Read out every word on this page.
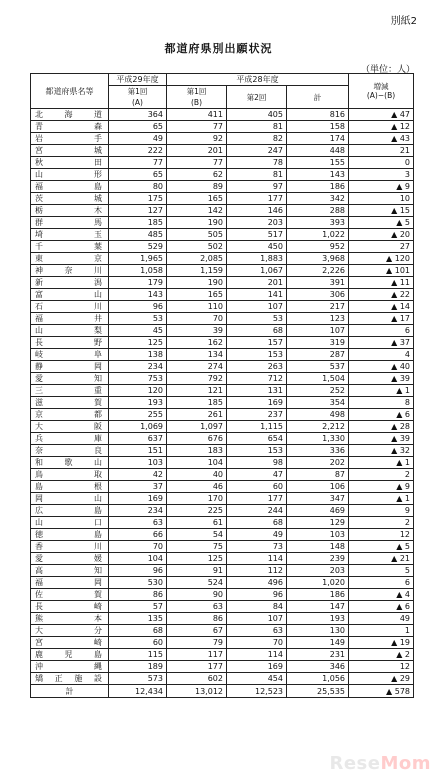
別紙2
都道府県別出願状況
（単位：人）
都道府県名等	平成29年度	平成28年度			増減
(A)−(B)

	第1回	第1回	第2回	計	
	(A)	(B)			
北海道	364	411	405	816	▲ 47
青森	65	77	81	158	▲ 12
岩手	49	92	82	174	▲ 43
宮城	222	201	247	448	21
秋田	77	77	78	155	0
山形	65	62	81	143	3
福島	80	89	97	186	▲ 9
茨城	175	165	177	342	10
栃木	127	142	146	288	▲ 15
群馬	185	190	203	393	▲ 5
埼玉	485	505	517	1,022	▲ 20
千葉	529	502	450	952	27
東京	1,965	2,085	1,883	3,968	▲ 120
神奈川	1,058	1,159	1,067	2,226	▲ 101
新潟	179	190	201	391	▲ 11
富山	143	165	141	306	▲ 22
石川	96	110	107	217	▲ 14
福井	53	70	53	123	▲ 17
山梨	45	39	68	107	6
長野	125	162	157	319	▲ 37
岐阜	138	134	153	287	4
静岡	234	274	263	537	▲ 40
愛知	753	792	712	1,504	▲ 39
三重	120	121	131	252	▲ 1
滋賀	193	185	169	354	8
京都	255	261	237	498	▲ 6
大阪	1,069	1,097	1,115	2,212	▲ 28
兵庫	637	676	654	1,330	▲ 39
奈良	151	183	153	336	▲ 32
和歌山	103	104	98	202	▲ 1
鳥取	42	40	47	87	2
島根	37	46	60	106	▲ 9
岡山	169	170	177	347	▲ 1
広島	234	225	244	469	9
山口	63	61	68	129	2
徳島	66	54	49	103	12
香川	70	75	73	148	▲ 5
愛媛	104	125	114	239	▲ 21
高知	96	91	112	203	5
福岡	530	524	496	1,020	6
佐賀	86	90	96	186	▲ 4
長崎	57	63	84	147	▲ 6
熊本	135	86	107	193	49
大分	68	67	63	130	1
宮崎	60	79	70	149	▲ 19
鹿児島	115	117	114	231	▲ 2
沖縄	189	177	169	346	12
矯正施設	573	602	454	1,056	▲ 29
計	12,434	13,012	12,523	25,535	▲ 578
ReseMom
